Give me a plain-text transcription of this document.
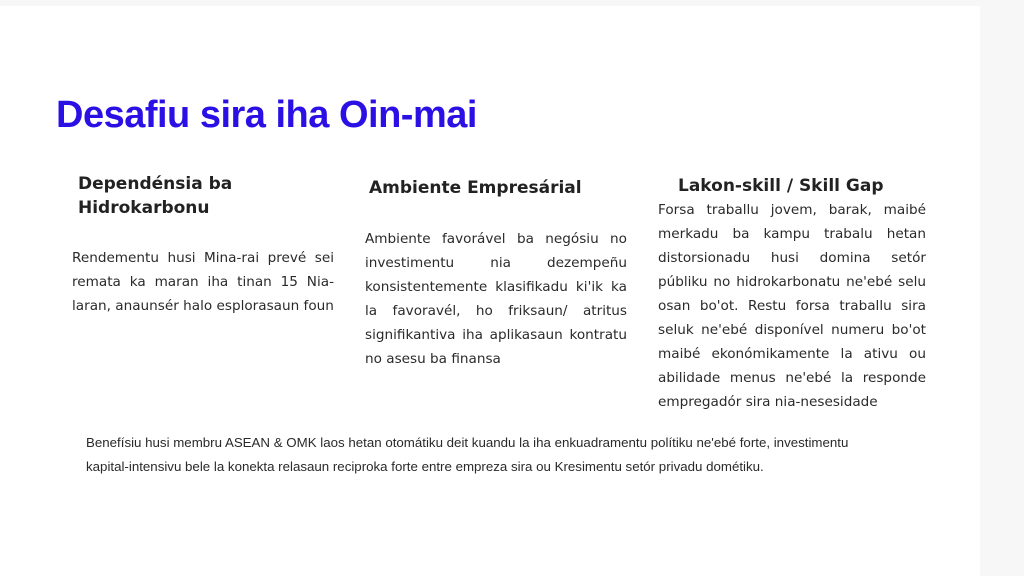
Desafiu sira iha Oin-mai
Dependénsia ba Hidrokarbonu

Rendementu husi Mina-rai prevé sei remata ka maran iha tinan 15 Nia-laran, anaunsér halo esplorasaun foun

Ambiente Empresárial

Ambiente favorável ba negósiu no investimentu nia dezempeñu konsistentemente klasifikadu ki'ik ka la favoravél, ho friksaun/ atritus signifikantiva iha aplikasaun kontratu no asesu ba finansa

Lakon-skill / Skill Gap

Forsa traballu jovem, barak, maibé merkadu ba kampu trabalu hetan distorsionadu husi domina setór públiku no hidrokarbonatu ne'ebé selu osan bo'ot. Restu forsa traballu sira seluk ne'ebé disponível numeru bo'ot maibé ekonómikamente la ativu ou abilidade menus ne'ebé la responde empregadór sira nia-nesesidade

Benefísiu husi membru ASEAN & OMK laos hetan otomátiku deit kuandu la iha enkuadramentu polítiku ne'ebé forte, investimentu kapital-intensivu bele la konekta relasaun reciproka forte entre empreza sira ou Kresimentu setór privadu dométiku.
